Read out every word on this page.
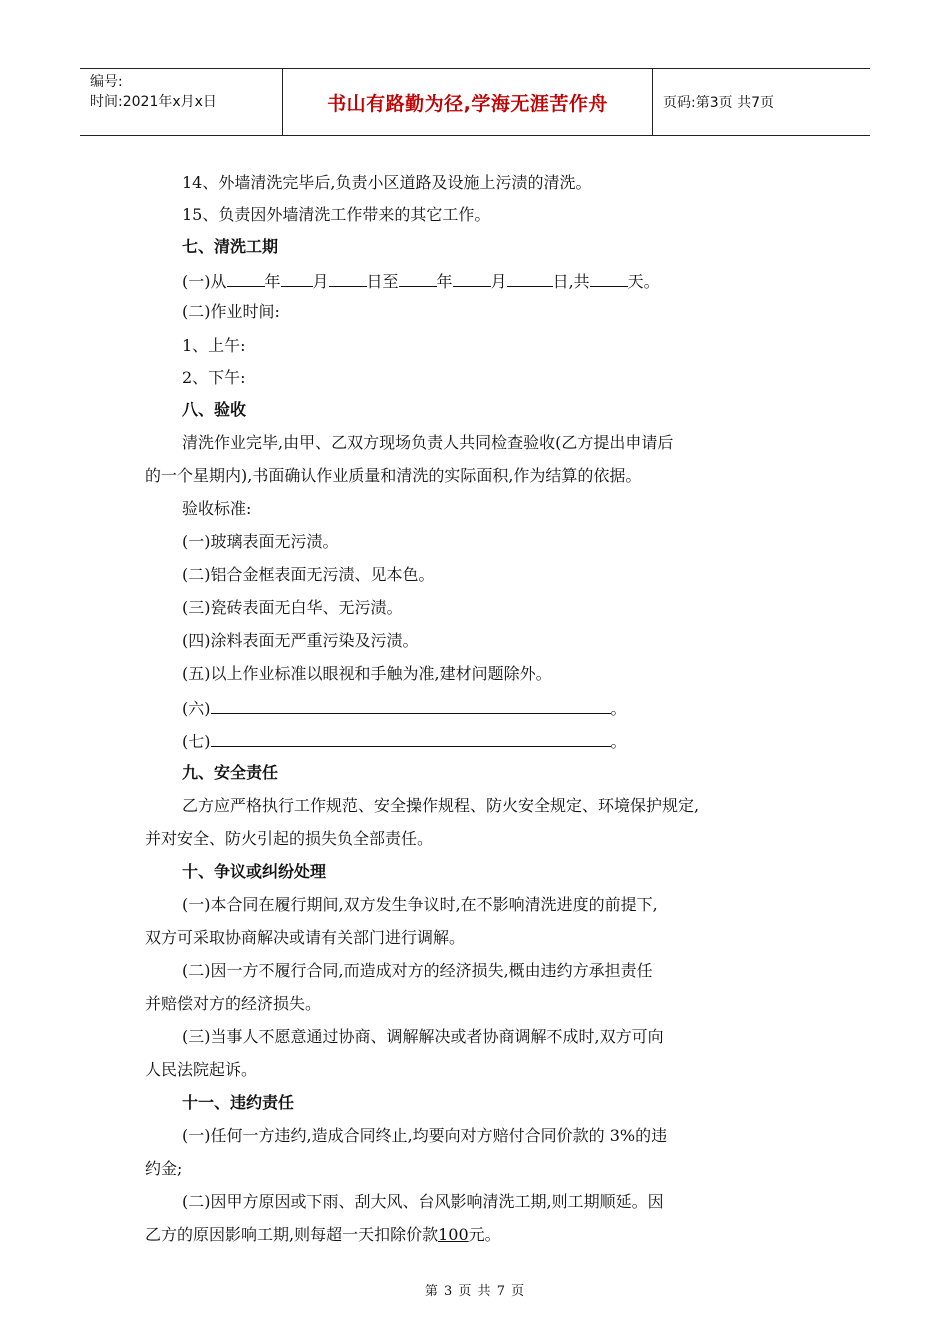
编号:
时间:2021年x月x日	书山有路勤为径,学海无涯苦作舟	页码:第3页 共7页
14、外墙清洗完毕后,负责小区道路及设施上污渍的清洗。
15、负责因外墙清洗工作带来的其它工作。
七、清洗工期
(一)从 年 月 日至 年 月	日,共 天。
(二)作业时间:
1、上午:
2、下午:
八、验收
清洗作业完毕,由甲、乙双方现场负责人共同检查验收(乙方提出申请后
的一个星期内),书面确认作业质量和清洗的实际面积,作为结算的依据。
验收标准:
(一)玻璃表面无污渍。
(二)铝合金框表面无污渍、见本色。
(三)瓷砖表面无白华、无污渍。
(四)涂料表面无严重污染及污渍。
(五)以上作业标准以眼视和手触为准,建材问题除外。
(六)	。
(七)	。
九、安全责任
乙方应严格执行工作规范、安全操作规程、防火安全规定、环境保护规定,
并对安全、防火引起的损失负全部责任。
十、争议或纠纷处理
(一)本合同在履行期间,双方发生争议时,在不影响清洗进度的前提下,
双方可采取协商解决或请有关部门进行调解。
(二)因一方不履行合同,而造成对方的经济损失,概由违约方承担责任
并赔偿对方的经济损失。
(三)当事人不愿意通过协商、调解解决或者协商调解不成时,双方可向
人民法院起诉。
十一、违约责任
(一)任何一方违约,造成合同终止,均要向对方赔付合同价款的 3%的违
约金;
(二)因甲方原因或下雨、刮大风、台风影响清洗工期,则工期顺延。因
乙方的原因影响工期,则每超一天扣除价款100元。
第 3 页 共 7 页
